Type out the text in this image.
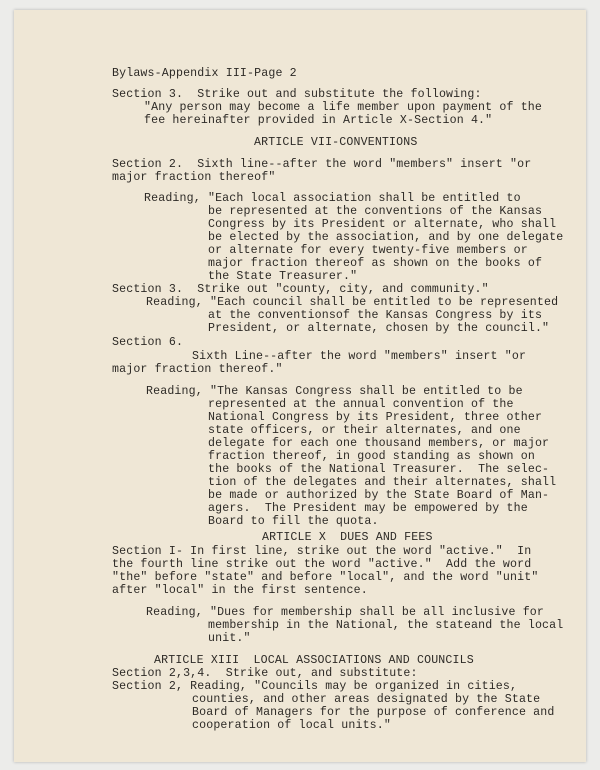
Bylaws-Appendix III-Page 2

Section 3.  Strike out and substitute the following:

"Any person may become a life member upon payment of the

fee hereinafter provided in Article X-Section 4."

ARTICLE VII-CONVENTIONS

Section 2.  Sixth line--after the word "members" insert "or

major fraction thereof"

Reading, "Each local association shall be entitled to

be represented at the conventions of the Kansas

Congress by its President or alternate, who shall

be elected by the association, and by one delegate

or alternate for every twenty-five members or

major fraction thereof as shown on the books of

the State Treasurer."

Section 3.  Strike out "county, city, and community."

Reading, "Each council shall be entitled to be represented

at the conventionsof the Kansas Congress by its

President, or alternate, chosen by the council."

Section 6.

Sixth Line--after the word "members" insert "or

major fraction thereof."

Reading, "The Kansas Congress shall be entitled to be

represented at the annual convention of the

National Congress by its President, three other

state officers, or their alternates, and one

delegate for each one thousand members, or major

fraction thereof, in good standing as shown on

the books of the National Treasurer.  The selec-

tion of the delegates and their alternates, shall

be made or authorized by the State Board of Man-

agers.  The President may be empowered by the

Board to fill the quota.

ARTICLE X  DUES AND FEES

Section I- In first line, strike out the word "active."  In

the fourth line strike out the word "active."  Add the word

"the" before "state" and before "local", and the word "unit"

after "local" in the first sentence.

Reading, "Dues for membership shall be all inclusive for

membership in the National, the stateand the local

unit."

ARTICLE XIII  LOCAL ASSOCIATIONS AND COUNCILS

Section 2,3,4.  Strike out, and substitute:

Section 2, Reading, "Councils may be organized in cities,

counties, and other areas designated by the State

Board of Managers for the purpose of conference and

cooperation of local units."
